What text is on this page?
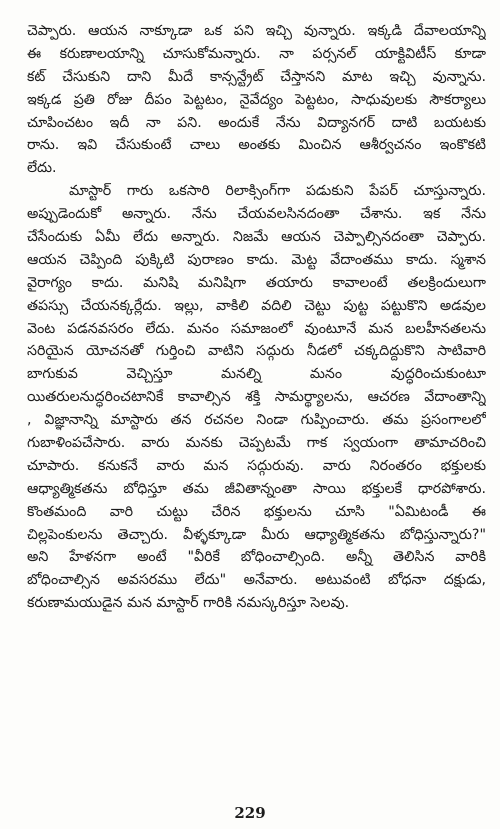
చెప్పారు. ఆయన నాక్కూడా ఒక పని ఇచ్చి వున్నారు. ఇక్కడి దేవాలయాన్ని
ఈ కరుణాలయాన్ని చూసుకోమన్నారు. నా పర్సనల్ యాక్టివిటీస్ కూడా
కట్ చేసుకుని దాని మీదే కాన్సన్ట్రేట్ చేస్తానని మాట ఇచ్చి వున్నాను.
ఇక్కడ ప్రతి రోజు దీపం పెట్టటం, నైవేద్యం పెట్టటం, సాధువులకు సౌకర్యాలు
చూపించటం ఇదీ నా పని. అందుకే నేను విద్యానగర్ దాటి బయటకు
రాను. ఇవి చేసుకుంటే చాలు అంతకు మించిన ఆశీర్వచనం ఇంకొకటి
లేదు.
మాస్టార్ గారు ఒకసారి రిలాక్సింగ్‌గా పడుకుని పేపర్ చూస్తున్నారు.
అప్పుడెందుకో అన్నారు. నేను చేయవలసినదంతా చేశాను. ఇక నేను
చేసేందుకు ఏమీ లేదు అన్నారు. నిజమే ఆయన చెప్పాల్సినదంతా చెప్పారు.
ఆయన చెప్పింది పుక్కిటి పురాణం కాదు. మెట్ట వేదాంతము కాదు. స్మశాన
వైరాగ్యం కాదు. మనిషి మనిషిగా తయారు కావాలంటే తలక్రిందులుగా
తపస్సు చేయనక్కర్లేదు. ఇల్లు, వాకిలి వదిలి చెట్టు పుట్ట పట్టుకొని అడవుల
వెంట పడనవసరం లేదు. మనం సమాజంలో వుంటూనే మన బలహీనతలను
సరియైన యోచనతో గుర్తించి వాటిని సద్గురు నీడలో చక్కదిద్దుకొని సాటివారి
బాగుకువ వెచ్చిస్తూ మనల్ని మనం వుద్ధరించుకుంటూ
యితరులనుద్ధరించటానికే కావాల్సిన శక్తి సామర్థ్యాలను, ఆచరణ వేదాంతాన్ని
, విజ్ఞానాన్ని మాస్టారు తన రచనల నిండా గుప్పించారు. తమ ప్రసంగాలలో
గుబాళింపచేసారు. వారు మనకు చెప్పటమే గాక స్వయంగా తామాచరించి
చూపారు. కనుకనే వారు మన సద్గురువు. వారు నిరంతరం భక్తులకు
ఆధ్యాత్మికతను బోధిస్తూ తమ జీవితాన్నంతా సాయి భక్తులకే ధారపోశారు.
కొంతమంది వారి చుట్టు చేరిన భక్తులను చూసి "ఏమిటండీ ఈ
చిల్లపెంకులను తెచ్చారు. వీళ్ళక్కూడా మీరు ఆధ్యాత్మికతను బోధిస్తున్నారు?"
అని హేళనగా అంటే "వీరికే బోధించాల్సింది. అన్నీ తెలిసిన వారికి
బోధించాల్సిన అవసరము లేదు" అనేవారు. అటువంటి బోధనా దక్షుడు,
కరుణామయుడైన మన మాస్టార్ గారికి నమస్కరిస్తూ సెలవు.
229
